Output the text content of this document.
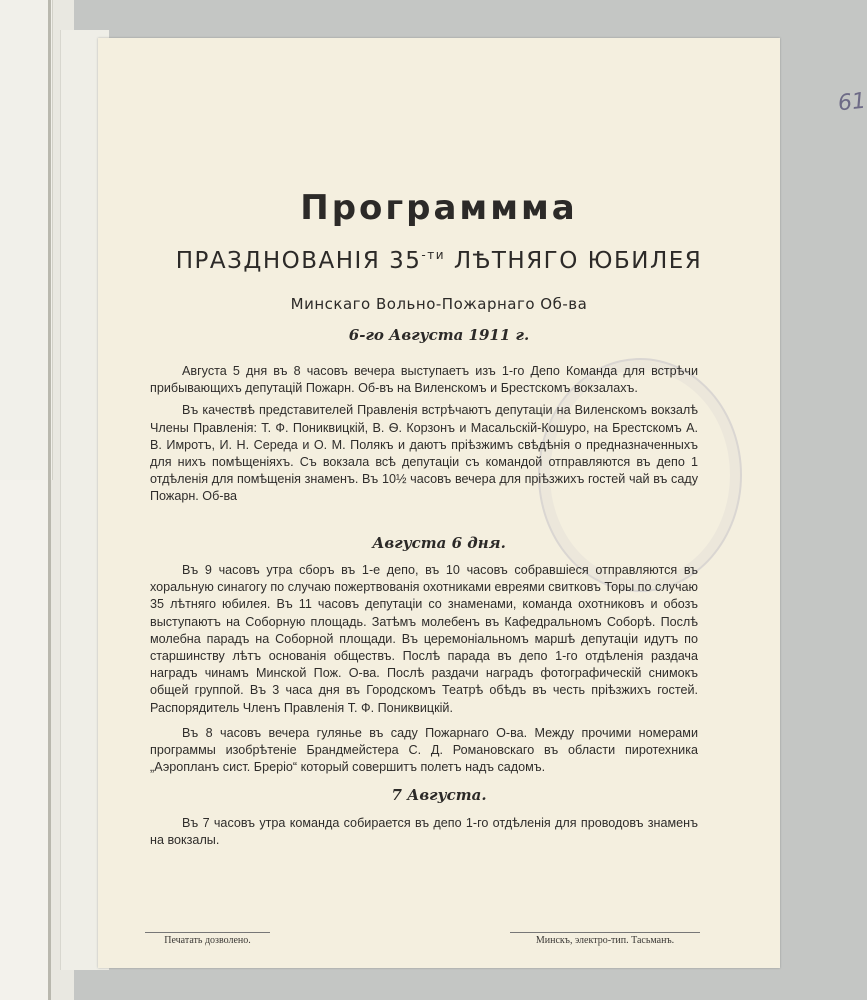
61
Программма
ПРАЗДНОВАНІЯ $35^{-ти}$ ЛѢТНЯГО ЮБИЛЕЯ
Минскаго Вольно-Пожарнаго Об-ва
6-го Августа 1911 г.

Августа 5 дня въ 8 часовъ вечера выступаетъ изъ 1-го Депо Команда для встрѣчи прибывающихъ депутацій Пожарн. Об-въ на Виленскомъ и Брестскомъ вокзалахъ.

Въ качествѣ представителей Правленія встрѣчаютъ депутаціи на Виленскомъ вокзалѣ Члены Правленія: Т. Ф. Пониквицкій, В. Ѳ. Корзонъ и Масальскій-Кошуро, на Брестскомъ А. В. Имротъ, И. Н. Середа и О. М. Полякъ и даютъ пріѣзжимъ свѣдѣнія о предназначенныхъ для нихъ помѣщеніяхъ. Съ вокзала всѣ депутаціи съ командой отправляются въ депо 1 отдѣленія для помѣщенія знаменъ. Въ 10½ часовъ вечера для пріѣзжихъ гостей чай въ саду Пожарн. Об-ва

Августа 6 дня.

Въ 9 часовъ утра сборъ въ 1-е депо, въ 10 часовъ собравшіеся отправляются въ хоральную синагогу по случаю пожертвованія охотниками евреями свитковъ Торы по случаю 35 лѣтняго юбилея. Въ 11 часовъ депутаціи со знаменами, команда охотниковъ и обозъ выступаютъ на Соборную площадь. Затѣмъ молебенъ въ Кафедральномъ Соборѣ. Послѣ молебна парадъ на Соборной площади. Въ церемоніальномъ маршѣ депутаціи идутъ по старшинству лѣтъ основанія обществъ. Послѣ парада въ депо 1-го отдѣленія раздача наградъ чинамъ Минской Пож. О-ва. Послѣ раздачи наградъ фотографическій снимокъ общей группой. Въ 3 часа дня въ Городскомъ Театрѣ обѣдъ въ честь пріѣзжихъ гостей. Распорядитель Членъ Правленія Т. Ф. Пониквицкій.

Въ 8 часовъ вечера гулянье въ саду Пожарнаго О-ва. Между прочими номерами программы изобрѣтеніе Брандмейстера С. Д. Романовскаго въ области пиротехника „Аэропланъ сист. Бреріо“ который совершитъ полетъ надъ садомъ.

7 Августа.

Въ 7 часовъ утра команда собирается въ депо 1-го отдѣленія для проводовъ знаменъ на вокзалы.

Печатать дозволено.	Минскъ, электро-тип. Тасьманъ.
